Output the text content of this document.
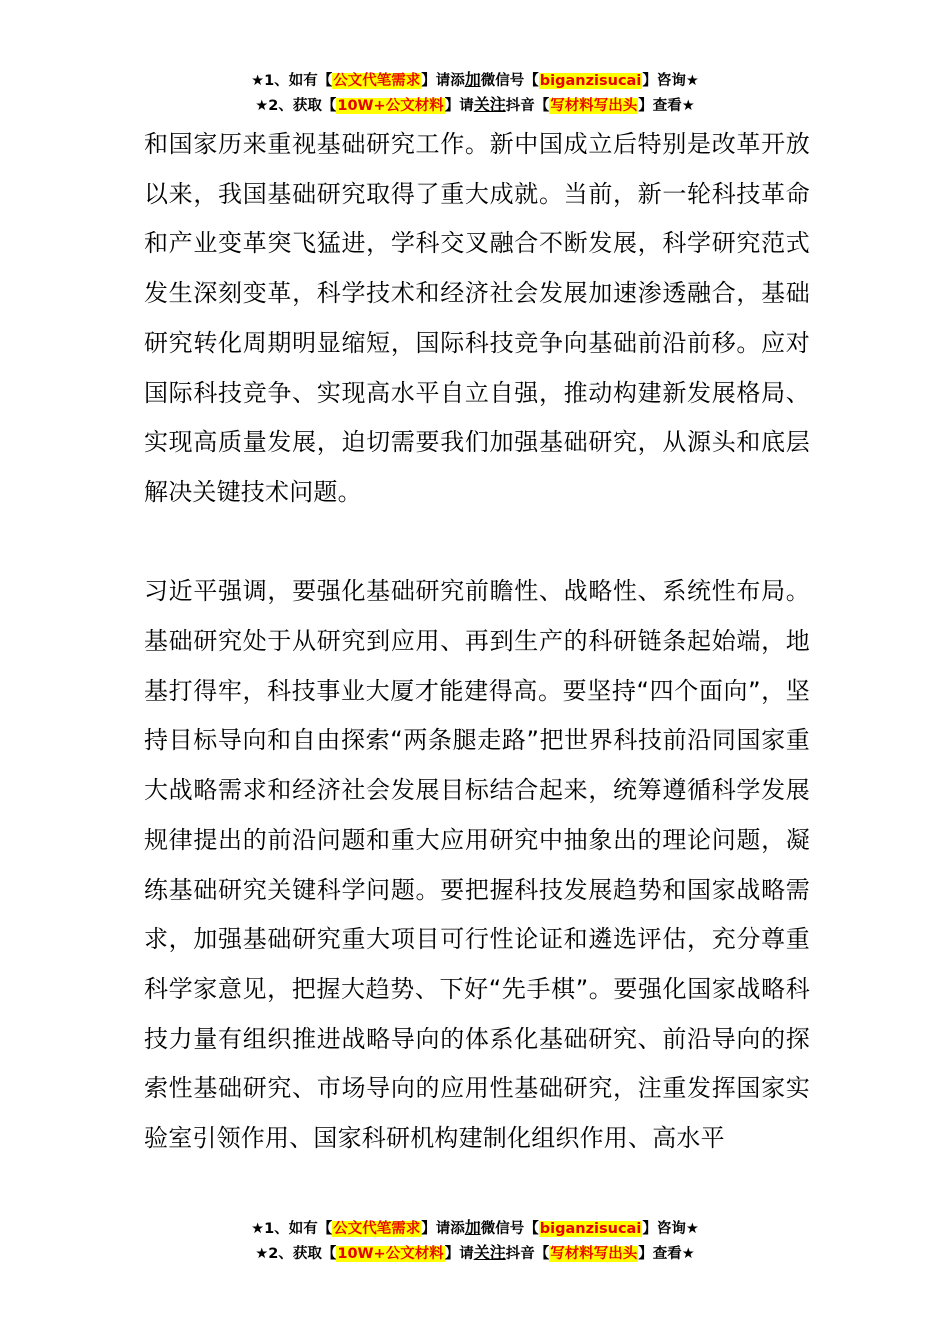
★1、如有【公文代笔需求】请添加微信号【biganzisucai】咨询★
★2、获取【10W+公文材料】请关注抖音【写材料写出头】查看★

和国家历来重视基础研究工作。新中国成立后特别是改革开放以来，我国基础研究取得了重大成就。当前，新一轮科技革命和产业变革突飞猛进，学科交叉融合不断发展，科学研究范式发生深刻变革，科学技术和经济社会发展加速渗透融合，基础研究转化周期明显缩短，国际科技竞争向基础前沿前移。应对国际科技竞争、实现高水平自立自强，推动构建新发展格局、实现高质量发展，迫切需要我们加强基础研究，从源头和底层解决关键技术问题。

习近平强调，要强化基础研究前瞻性、战略性、系统性布局。基础研究处于从研究到应用、再到生产的科研链条起始端，地基打得牢，科技事业大厦才能建得高。要坚持“四个面向”，坚持目标导向和自由探索“两条腿走路”把世界科技前沿同国家重大战略需求和经济社会发展目标结合起来，统筹遵循科学发展规律提出的前沿问题和重大应用研究中抽象出的理论问题，凝练基础研究关键科学问题。要把握科技发展趋势和国家战略需求，加强基础研究重大项目可行性论证和遴选评估，充分尊重科学家意见，把握大趋势、下好“先手棋”。要强化国家战略科技力量有组织推进战略导向的体系化基础研究、前沿导向的探索性基础研究、市场导向的应用性基础研究，注重发挥国家实验室引领作用、国家科研机构建制化组织作用、高水平

★1、如有【公文代笔需求】请添加微信号【biganzisucai】咨询★
★2、获取【10W+公文材料】请关注抖音【写材料写出头】查看★
